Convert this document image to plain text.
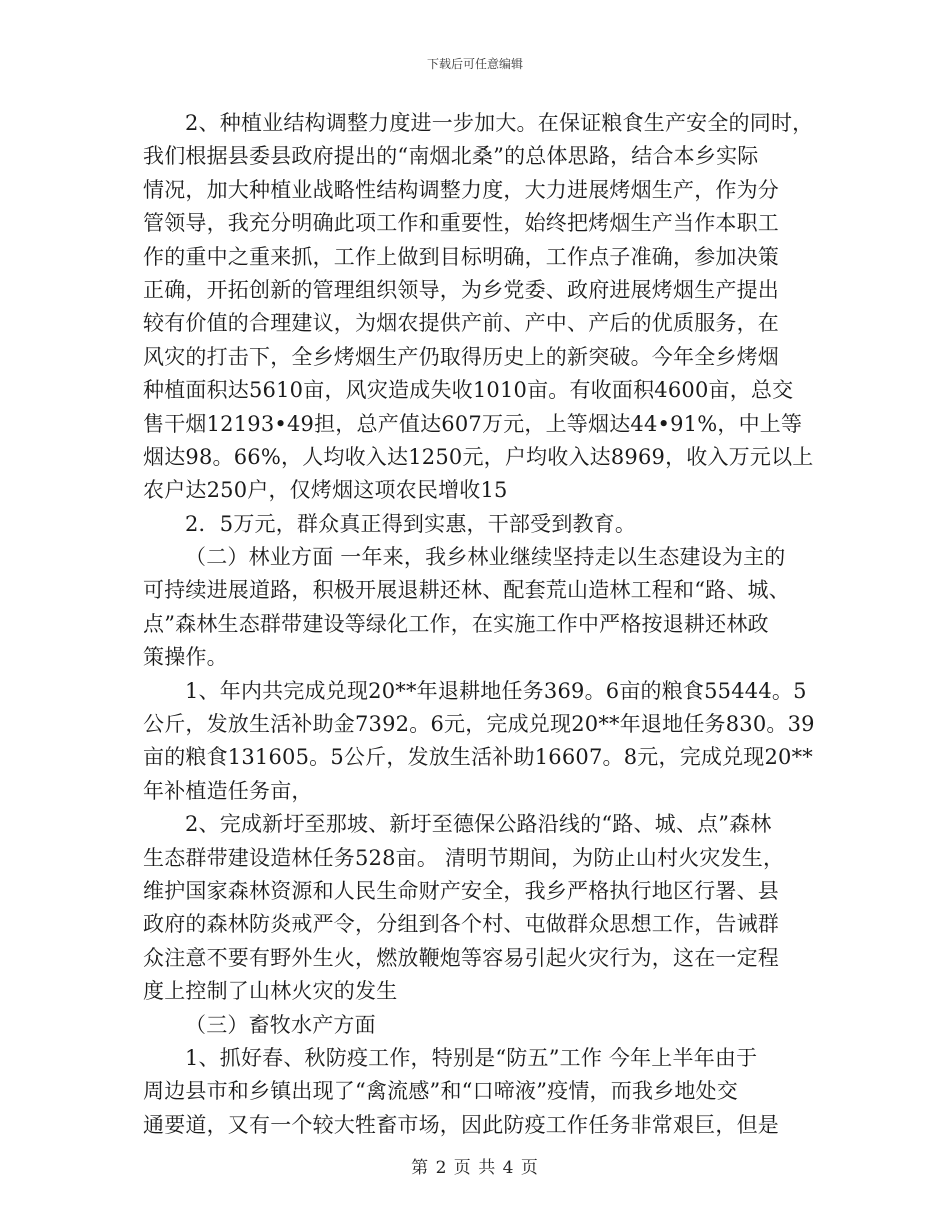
下载后可任意编辑
2、种植业结构调整力度进一步加大。在保证粮食生产安全的同时，
我们根据县委县政府提出的“南烟北桑”的总体思路，结合本乡实际
情况，加大种植业战略性结构调整力度，大力进展烤烟生产，作为分
管领导，我充分明确此项工作和重要性，始终把烤烟生产当作本职工
作的重中之重来抓，工作上做到目标明确，工作点子准确，参加决策
正确，开拓创新的管理组织领导，为乡党委、政府进展烤烟生产提出
较有价值的合理建议，为烟农提供产前、产中、产后的优质服务，在
风灾的打击下，全乡烤烟生产仍取得历史上的新突破。今年全乡烤烟
种植面积达5610亩，风灾造成失收1010亩。有收面积4600亩，总交
售干烟12193•49担，总产值达607万元，上等烟达44•91%，中上等
烟达98。66%，人均收入达1250元，户均收入达8969，收入万元以上
农户达250户，仅烤烟这项农民增收15
2．5万元，群众真正得到实惠，干部受到教育。
（二）林业方面 一年来，我乡林业继续坚持走以生态建设为主的
可持续进展道路，积极开展退耕还林、配套荒山造林工程和“路、城、
点”森林生态群带建设等绿化工作，在实施工作中严格按退耕还林政
策操作。
1、年内共完成兑现20**年退耕地任务369。6亩的粮食55444。5
公斤，发放生活补助金7392。6元，完成兑现20**年退地任务830。39
亩的粮食131605。5公斤，发放生活补助16607。8元，完成兑现20**
年补植造任务亩，
2、完成新圩至那坡、新圩至德保公路沿线的“路、城、点”森林
生态群带建设造林任务528亩。 清明节期间，为防止山村火灾发生，
维护国家森林资源和人民生命财产安全，我乡严格执行地区行署、县
政府的森林防炎戒严令，分组到各个村、屯做群众思想工作，告诫群
众注意不要有野外生火，燃放鞭炮等容易引起火灾行为，这在一定程
度上控制了山林火灾的发生
（三）畜牧水产方面
1、抓好春、秋防疫工作，特别是“防五”工作 今年上半年由于
周边县市和乡镇出现了“禽流感”和“口啼液”疫情，而我乡地处交
通要道，又有一个较大牲畜市场，因此防疫工作任务非常艰巨，但是
第 2 页 共 4 页
